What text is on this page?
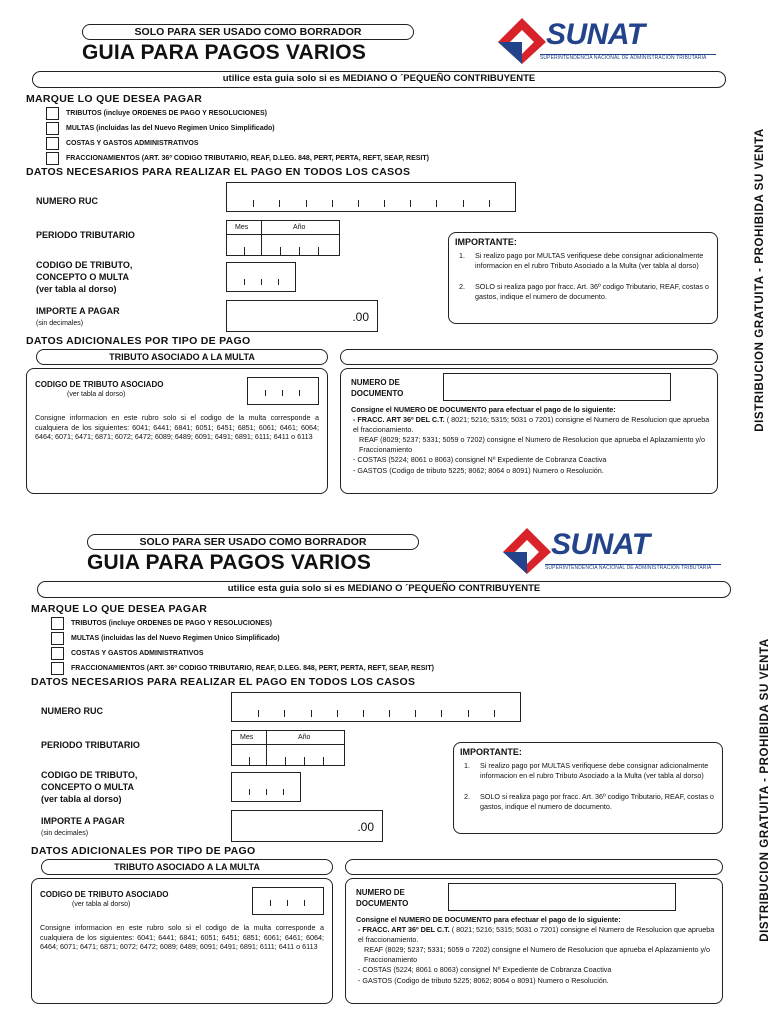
SOLO PARA SER USADO COMO BORRADOR
GUIA PARA PAGOS VARIOS
SUNAT
SUPERINTENDENCIA NACIONAL DE ADMINISTRACIÓN TRIBUTARIA
utilice esta guia solo si es MEDIANO O ´PEQUEÑO CONTRIBUYENTE
MARQUE LO QUE DESEA PAGAR
TRIBUTOS (incluye ORDENES DE PAGO Y RESOLUCIONES)
MULTAS (incluidas las del Nuevo Regimen Unico Simplificado)
COSTAS Y GASTOS ADMINISTRATIVOS
FRACCIONAMIENTOS (ART. 36º CODIGO TRIBUTARIO, REAF, D.LEG. 848, PERT, PERTA, REFT, SEAP, RESIT)
DATOS NECESARIOS PARA REALIZAR EL PAGO EN TODOS LOS CASOS
NUMERO RUC
PERIODO TRIBUTARIO
Mes	Año
CODIGO DE TRIBUTO,
CONCEPTO O MULTA
(ver tabla al dorso)
IMPORTE A PAGAR
(sin decimales)	.00
IMPORTANTE:
1. Si realizo pago por MULTAS verifiquese debe consignar adicionalmente informacion en el rubro Tributo Asociado a la Multa (ver tabla al dorso)
2. SOLO si realiza pago por fracc. Art. 36º codigo Tributario, REAF, costas o gastos, indique el numero de documento.
DATOS ADICIONALES POR TIPO DE PAGO
TRIBUTO ASOCIADO A LA MULTA
CODIGO DE TRIBUTO ASOCIADO
(ver tabla al dorso)
Consigne informacion en este rubro solo si el codigo de la multa corresponde a cualquiera de los siguientes: 6041; 6441; 6841; 6051; 6451; 6851; 6061; 6461; 6064; 6464; 6071; 6471; 6871; 6072; 6472; 6089; 6489; 6091; 6491; 6891; 6111; 6411 o 6113
NUMERO DE
DOCUMENTO
Consigne el NUMERO DE DOCUMENTO para efectuar el pago de lo siguiente:
- FRACC. ART 36º DEL C.T. ( 8021; 5216; 5315; 5031 o 7201) consigne el Numero de Resolucion que aprueba el fraccionamiento.
REAF (8029; 5237; 5331; 5059 o 7202) consigne el Numero de Resolucion que aprueba el Aplazamiento y/o Fraccionamiento
- COSTAS (5224; 8061 o 8063) consignel Nº Expediente de Cobranza Coactiva
- GASTOS (Codigo de tributo 5225; 8062; 8064 o 8091) Numero o Resolución.
DISTRIBUCION GRATUITA - PROHIBIDA SU VENTA
SOLO PARA SER USADO COMO BORRADOR
GUIA PARA PAGOS VARIOS
SUNAT
SUPERINTENDENCIA NACIONAL DE ADMINISTRACIÓN TRIBUTARIA
utilice esta guia solo si es MEDIANO O ´PEQUEÑO CONTRIBUYENTE
MARQUE LO QUE DESEA PAGAR
TRIBUTOS (incluye ORDENES DE PAGO Y RESOLUCIONES)
MULTAS (incluidas las del Nuevo Regimen Unico Simplificado)
COSTAS Y GASTOS ADMINISTRATIVOS
FRACCIONAMIENTOS (ART. 36º CODIGO TRIBUTARIO, REAF, D.LEG. 848, PERT, PERTA, REFT, SEAP, RESIT)
DATOS NECESARIOS PARA REALIZAR EL PAGO EN TODOS LOS CASOS
NUMERO RUC
PERIODO TRIBUTARIO
Mes	Año
CODIGO DE TRIBUTO,
CONCEPTO O MULTA
(ver tabla al dorso)
IMPORTE A PAGAR
(sin decimales)	.00
IMPORTANTE:
1. Si realizo pago por MULTAS verifiquese debe consignar adicionalmente informacion en el rubro Tributo Asociado a la Multa (ver tabla al dorso)
2. SOLO si realiza pago por fracc. Art. 36º codigo Tributario, REAF, costas o gastos, indique el numero de documento.
DATOS ADICIONALES POR TIPO DE PAGO
TRIBUTO ASOCIADO A LA MULTA
CODIGO DE TRIBUTO ASOCIADO
(ver tabla al dorso)
Consigne informacion en este rubro solo si el codigo de la multa corresponde a cualquiera de los siguientes: 6041; 6441; 6841; 6051; 6451; 6851; 6061; 6461; 6064; 6464; 6071; 6471; 6871; 6072; 6472; 6089; 6489; 6091; 6491; 6891; 6111; 6411 o 6113
NUMERO DE
DOCUMENTO
Consigne el NUMERO DE DOCUMENTO para efectuar el pago de lo siguiente:
- FRACC. ART 36º DEL C.T. ( 8021; 5216; 5315; 5031 o 7201) consigne el Numero de Resolucion que aprueba el fraccionamiento.
REAF (8029; 5237; 5331; 5059 o 7202) consigne el Numero de Resolucion que aprueba el Aplazamiento y/o Fraccionamiento
- COSTAS (5224; 8061 o 8063) consignel Nº Expediente de Cobranza Coactiva
- GASTOS (Codigo de tributo 5225; 8062; 8064 o 8091) Numero o Resolución.
DISTRIBUCION GRATUITA - PROHIBIDA SU VENTA
